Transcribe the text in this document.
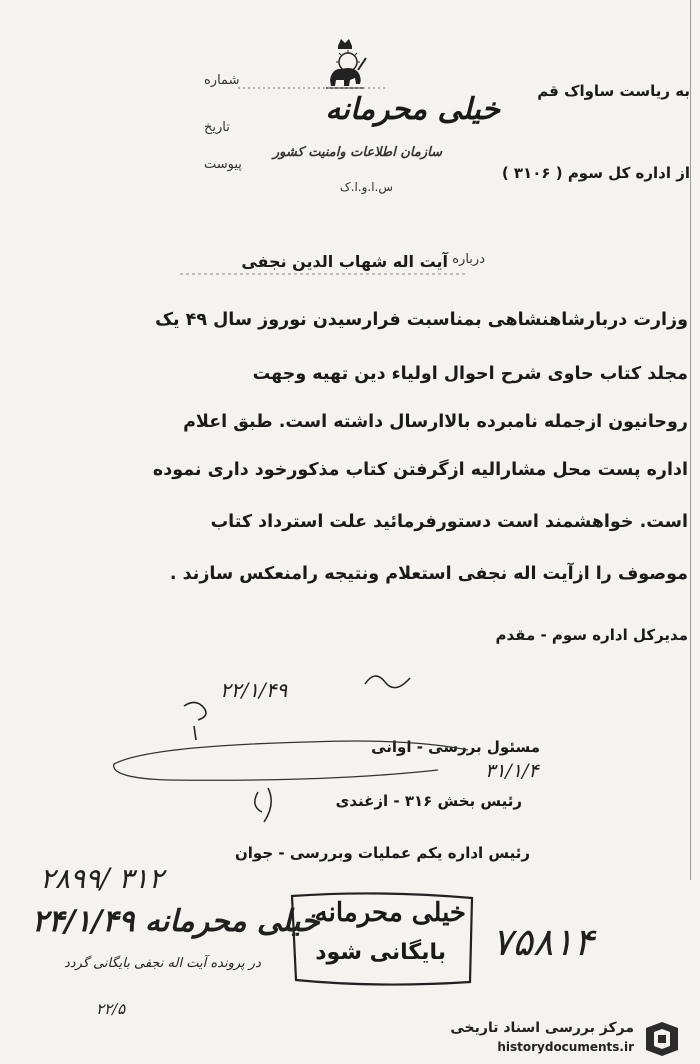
به ریاست ساواک قم
خیلی محرمانه
سازمان اطلاعات وامنیت کشور
س.ا.و.ا.ک
از اداره کل سوم ( ۳۱۰۶ )
شماره
تاریخ
پیوست
درباره
آیت اله شهاب الدین نجفی
وزارت دربارشاهنشاهی بمناسبت فرارسیدن نوروز سال ۴۹ یک
مجلد کتاب حاوی شرح احوال اولیاء دین تهیه وجهت
روحانیون ازجمله نامبرده بالاارسال داشته است. طبق اعلام
اداره پست محل مشارالیه ازگرفتن کتاب مذکورخود داری نموده
است. خواهشمند است دستورفرمائید علت استرداد کتاب
موصوف را ازآیت اله نجفی استعلام ونتیجه رامنعکس سازند .
مدیرکل اداره سوم - مقدم
۲۲/۱/۴۹
مسئول بررسی - اوانی
۳۱/۱/۴
رئیس بخش ۳۱۶ - ازغندی
رئیس اداره یکم عملیات وبررسی - جوان
۲۸۹۹/ ۳۱۲
خیلی محرمانه ۲۴/۱/۴۹
در پرونده آیت اله نجفی بایگانی گردد
۲۲/۵
۷۵۸۱۴
خیلی محرمانه
بایگانی شود
مرکز بررسی اسناد تاریخی
historydocuments.ir
